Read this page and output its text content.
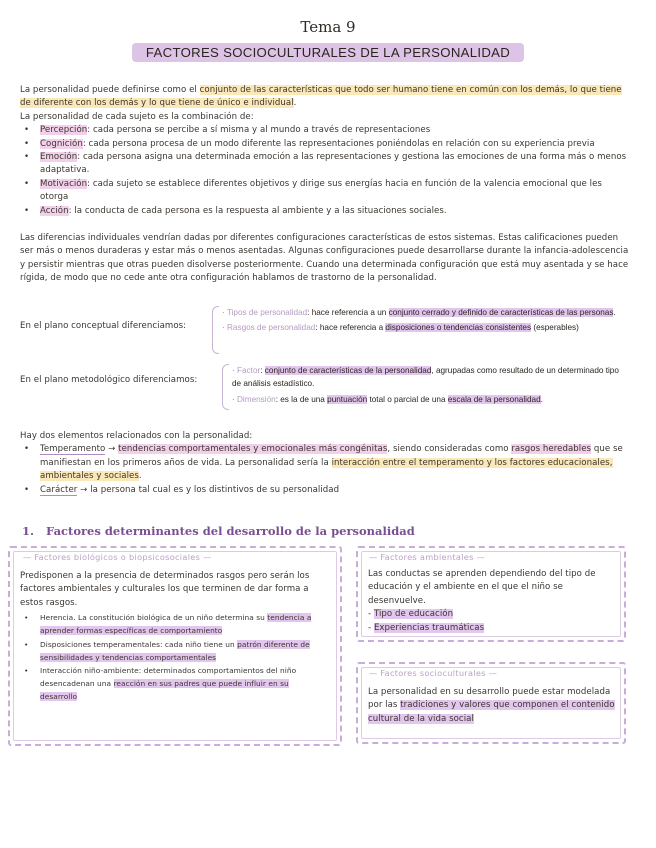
Tema 9
FACTORES SOCIOCULTURALES DE LA PERSONALIDAD
La personalidad puede definirse como el conjunto de las características que todo ser humano tiene en común con los demás, lo que tiene de diferente con los demás y lo que tiene de único e individual.
La personalidad de cada sujeto es la combinación de:
• Percepción: cada persona se percibe a sí misma y al mundo a través de representaciones
• Cognición: cada persona procesa de un modo diferente las representaciones poniéndolas en relación con su experiencia previa
• Emoción: cada persona asigna una determinada emoción a las representaciones y gestiona las emociones de una forma más o menos adaptativa.
• Motivación: cada sujeto se establece diferentes objetivos y dirige sus energías hacia en función de la valencia emocional que les otorga
• Acción: la conducta de cada persona es la respuesta al ambiente y a las situaciones sociales.
Las diferencias individuales vendrían dadas por diferentes configuraciones características de estos sistemas. Estas calificaciones pueden ser más o menos duraderas y estar más o menos asentadas. Algunas configuraciones puede desarrollarse durante la infancia-adolescencia y persistir mientras que otras pueden disolverse posteriormente. Cuando una determinada configuración que está muy asentada y se hace rígida, de modo que no cede ante otra configuración hablamos de trastorno de la personalidad.
En el plano conceptual diferenciamos:
· Tipos de personalidad: hace referencia a un conjunto cerrado y definido de características de las personas.
· Rasgos de personalidad: hace referencia a disposiciones o tendencias consistentes (esperables)
En el plano metodológico diferenciamos:
· Factor: conjunto de características de la personalidad, agrupadas como resultado de un determinado tipo de análisis estadístico.
· Dimensión: es la de una puntuación total o parcial de una escala de la personalidad.
Hay dos elementos relacionados con la personalidad:
• Temperamento → tendencias comportamentales y emocionales más congénitas, siendo consideradas como rasgos heredables que se manifiestan en los primeros años de vida. La personalidad sería la interacción entre el temperamento y los factores educacionales, ambientales y sociales.
• Carácter → la persona tal cual es y los distintivos de su personalidad
1. Factores determinantes del desarrollo de la personalidad
— Factores biológicos o biopsicosociales —
Predisponen a la presencia de determinados rasgos pero serán los factores ambientales y culturales los que terminen de dar forma a estos rasgos.
• Herencia. La constitución biológica de un niño determina su tendencia a aprender formas específicas de comportamiento
• Disposiciones temperamentales: cada niño tiene un patrón diferente de sensibilidades y tendencias comportamentales
• Interacción niño-ambiente: determinados comportamientos del niño desencadenan una reacción en sus padres que puede influir en su desarrollo
— Factores ambientales —
Las conductas se aprenden dependiendo del tipo de educación y el ambiente en el que el niño se desenvuelve.
- Tipo de educación
- Experiencias traumáticas
— Factores socioculturales —
La personalidad en su desarrollo puede estar modelada por las tradiciones y valores que componen el contenido cultural de la vida social
